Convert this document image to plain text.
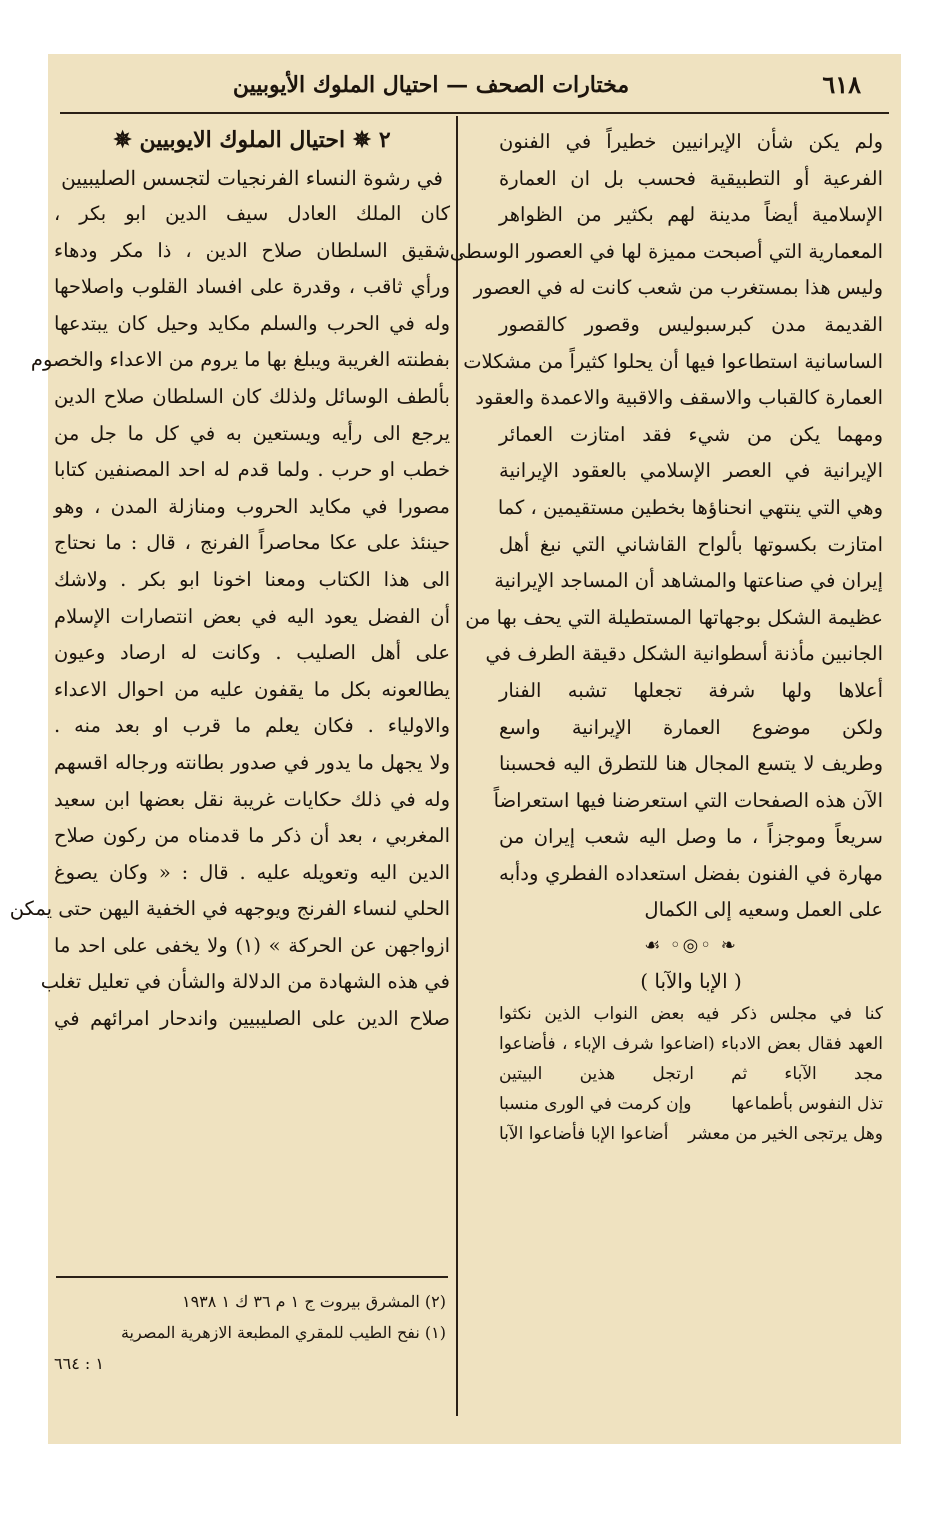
٦١٨
مختارات الصحف — احتيال الملوك الأيوبيين
ولم يكن شأن الإيرانيين خطيراً في الفنون
الفرعية أو التطبيقية فحسب بل ان العمارة
الإسلامية أيضاً مدينة لهم بكثير من الظواهر
المعمارية التي أصبحت مميزة لها في العصور الوسطى .
وليس هذا بمستغرب من شعب كانت له في العصور
القديمة مدن كبرسبوليس وقصور كالقصور
الساسانية استطاعوا فيها أن يحلوا كثيراً من مشكلات
العمارة كالقباب والاسقف والاقبية والاعمدة والعقود
ومهما يكن من شيء فقد امتازت العمائر
الإيرانية في العصر الإسلامي بالعقود الإيرانية
وهي التي ينتهي انحناؤها بخطين مستقيمين ، كما
امتازت بكسوتها بألواح القاشاني التي نبغ أهل
إيران في صناعتها والمشاهد أن المساجد الإيرانية
عظيمة الشكل بوجهاتها المستطيلة التي يحف بها من
الجانبين مأذنة أسطوانية الشكل دقيقة الطرف في
أعلاها ولها شرفة تجعلها تشبه الفنار
ولكن موضوع العمارة الإيرانية واسع
وطريف لا يتسع المجال هنا للتطرق اليه فحسبنا
الآن هذه الصفحات التي استعرضنا فيها استعراضاً
سريعاً وموجزاً ، ما وصل اليه شعب إيران من
مهارة في الفنون بفضل استعداده الفطري ودأبه
على العمل وسعيه إلى الكمال
❧ ◦◎◦ ☙
( الإبا والآبا )
كنا في مجلس ذكر فيه بعض النواب الذين نكثوا
العهد فقال بعض الادباء (اضاعوا شرف الإباء ، فأضاعوا
مجد الآباء ثم ارتجل هذين البيتين
تذل النفوس بأطماعها
وإن كرمت في الورى منسبا
وهل يرتجى الخير من معشر
أضاعوا الإبا فأضاعوا الآبا
٢ ✵ احتيال الملوك الايوبيين ✵
في رشوة النساء الفرنجيات لتجسس الصليبيين
كان الملك العادل سيف الدين ابو بكر ،
شقيق السلطان صلاح الدين ، ذا مكر ودهاء
ورأي ثاقب ، وقدرة على افساد القلوب واصلاحها
وله في الحرب والسلم مكايد وحيل كان يبتدعها
بفطنته الغريبة ويبلغ بها ما يروم من الاعداء والخصوم
بألطف الوسائل ولذلك كان السلطان صلاح الدين
يرجع الى رأيه ويستعين به في كل ما جل من
خطب او حرب . ولما قدم له احد المصنفين كتابا
مصورا في مكايد الحروب ومنازلة المدن ، وهو
حينئذ على عكا محاصراً الفرنج ، قال : ما نحتاج
الى هذا الكتاب ومعنا اخونا ابو بكر . ولاشك
أن الفضل يعود اليه في بعض انتصارات الإسلام
على أهل الصليب . وكانت له ارصاد وعيون
يطالعونه بكل ما يقفون عليه من احوال الاعداء
والاولياء . فكان يعلم ما قرب او بعد منه .
ولا يجهل ما يدور في صدور بطانته ورجاله اقسهم
وله في ذلك حكايات غريبة نقل بعضها ابن سعيد
المغربي ، بعد أن ذكر ما قدمناه من ركون صلاح
الدين اليه وتعويله عليه . قال : « وكان يصوغ
الحلي لنساء الفرنج ويوجهه في الخفية اليهن حتى يمكن
ازواجهن عن الحركة » (١) ولا يخفى على احد ما
في هذه الشهادة من الدلالة والشأن في تعليل تغلب
صلاح الدين على الصليبيين واندحار امرائهم في
(٢) المشرق بيروت ج ١ م ٣٦ ك ١ ١٩٣٨
(١) نفح الطيب للمقري المطبعة الازهرية المصرية
١ : ٦٦٤
